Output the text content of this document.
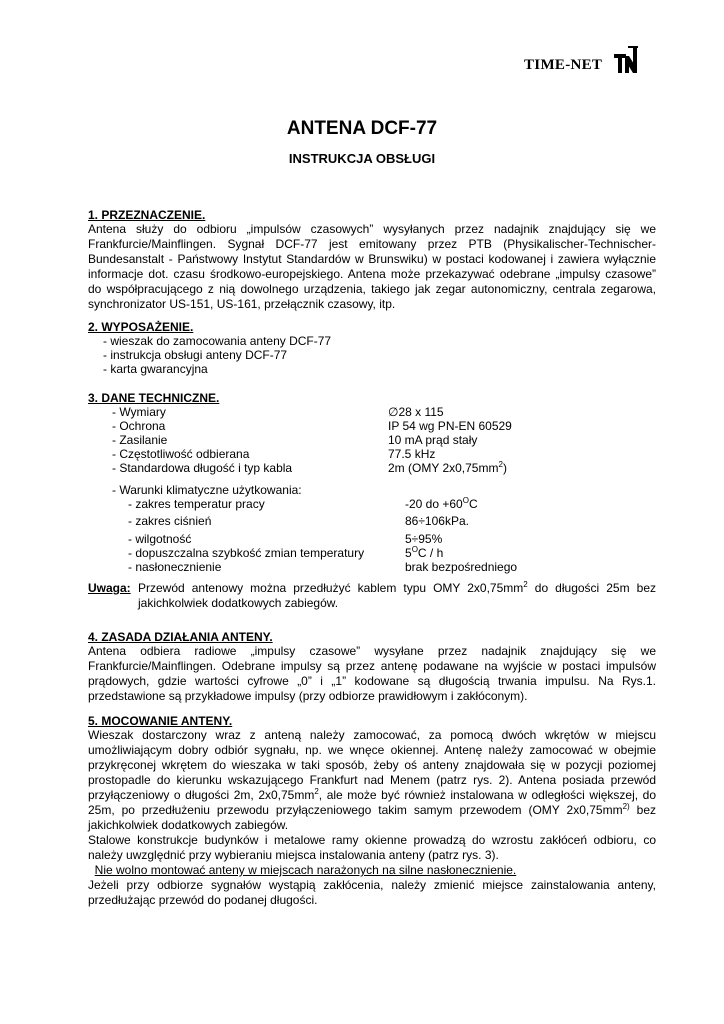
TIME-NET
ANTENA DCF-77
INSTRUKCJA OBSŁUGI
1. PRZEZNACZENIE.
Antena służy do odbioru „impulsów czasowych” wysyłanych przez nadajnik znajdujący się we
Frankfurcie/Mainflingen. Sygnał DCF-77 jest emitowany przez PTB (Physikalischer-Technischer-
Bundesanstalt - Państwowy Instytut Standardów w Brunswiku) w postaci kodowanej i zawiera wyłącznie
informacje dot. czasu środkowo-europejskiego. Antena może przekazywać odebrane „impulsy czasowe”
do współpracującego z nią dowolnego urządzenia, takiego jak zegar autonomiczny, centrala zegarowa,
synchronizator US-151, US-161, przełącznik czasowy, itp.
2. WYPOSAŻENIE.
- wieszak do zamocowania anteny DCF-77
- instrukcja obsługi anteny DCF-77
- karta gwarancyjna
3. DANE TECHNICZNE.
- Wymiary	∅28 x 115
- Ochrona	IP 54 wg PN-EN 60529
- Zasilanie	10 mA prąd stały
- Częstotliwość odbierana	77.5 kHz
- Standardowa długość i typ kabla	2m (OMY $2x0,75mm^2$)
- Warunki klimatyczne użytkowania:
- zakres temperatur pracy	-20 do $+60^OC$
- zakres ciśnień	86÷106kPa.
- wilgotność	5÷95%
- dopuszczalna szybkość zmian temperatury	$5^OC$ / h
- nasłonecznienie	brak bezpośredniego
Uwaga: Przewód antenowy można przedłużyć kablem typu OMY $2x0,75mm^2$ do długości 25m bez
jakichkolwiek dodatkowych zabiegów.
4. ZASADA DZIAŁANIA ANTENY.
Antena odbiera radiowe „impulsy czasowe” wysyłane przez nadajnik znajdujący się we
Frankfurcie/Mainflingen. Odebrane impulsy są przez antenę podawane na wyjście w postaci impulsów
prądowych, gdzie wartości cyfrowe „0” i „1” kodowane są długością trwania impulsu. Na Rys.1.
przedstawione są przykładowe impulsy (przy odbiorze prawidłowym i zakłóconym).
5. MOCOWANIE ANTENY.
Wieszak dostarczony wraz z anteną należy zamocować, za pomocą dwóch wkrętów w miejscu
umożliwiającym dobry odbiór sygnału, np. we wnęce okiennej. Antenę należy zamocować w obejmie
przykręconej wkrętem do wieszaka w taki sposób, żeby oś anteny znajdowała się w pozycji poziomej
prostopadle do kierunku wskazującego Frankfurt nad Menem (patrz rys. 2). Antena posiada przewód
przyłączeniowy o długości 2m, $2x0,75mm^2$, ale może być również instalowana w odległości większej, do
25m, po przedłużeniu przewodu przyłączeniowego takim samym przewodem (OMY $2x0,75mm^{2)}$ bez
jakichkolwiek dodatkowych zabiegów.
Stalowe konstrukcje budynków i metalowe ramy okienne prowadzą do wzrostu zakłóceń odbioru, co
należy uwzględnić przy wybieraniu miejsca instalowania anteny (patrz rys. 3).
Nie wolno montować anteny w miejscach narażonych na silne nasłonecznienie.
Jeżeli przy odbiorze sygnałów wystąpią zakłócenia, należy zmienić miejsce zainstalowania anteny,
przedłużając przewód do podanej długości.
